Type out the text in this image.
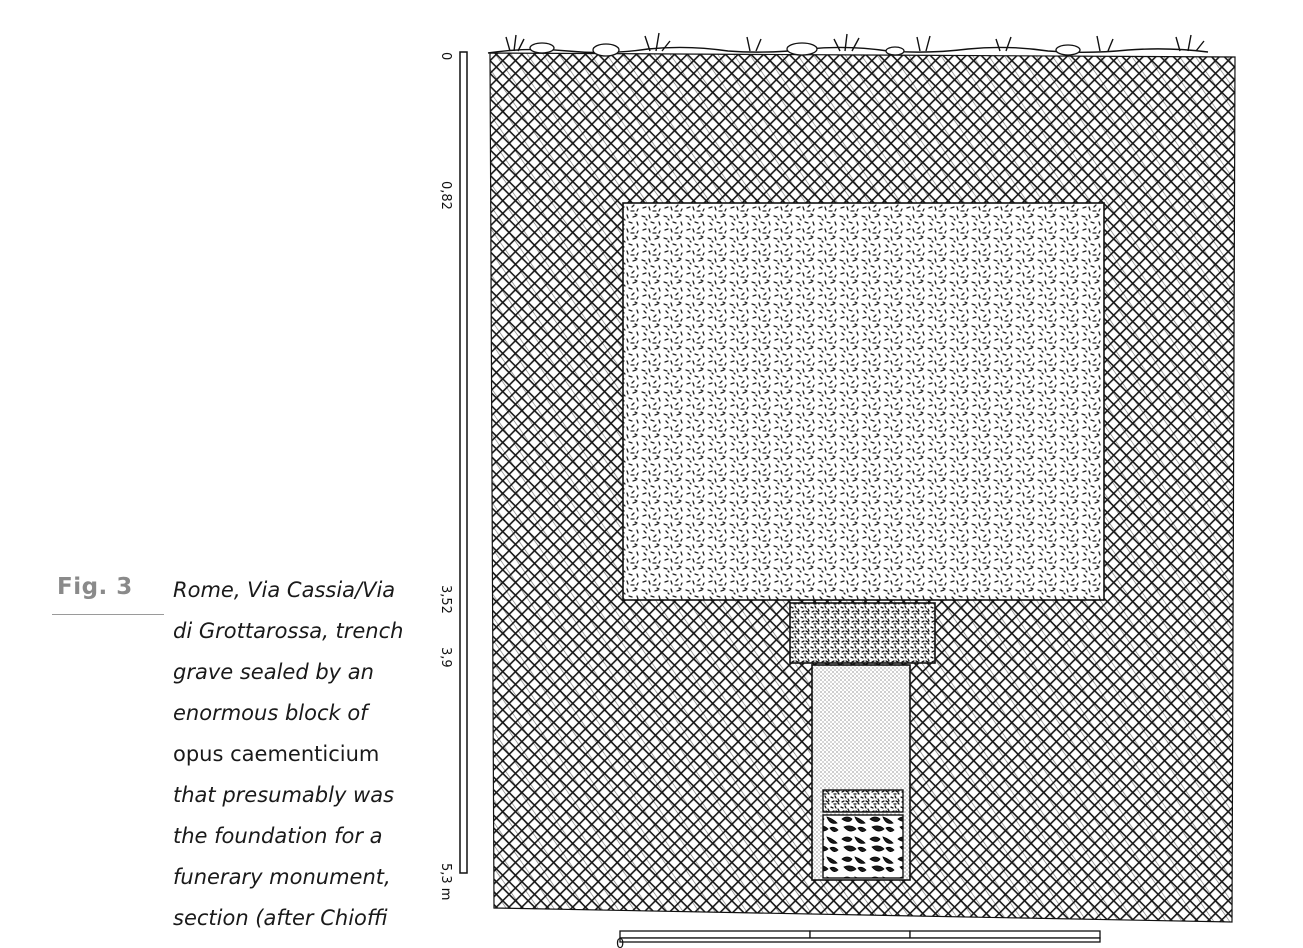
Fig. 3 Rome, Via Cassia/Via
di Grottarossa, trench
grave sealed by an
enormous block of
opus caementicium
that presumably was
the foundation for a
funerary monument,
section (after Chioffi
0
0,82
3,52
3,9
5,3 m
0
